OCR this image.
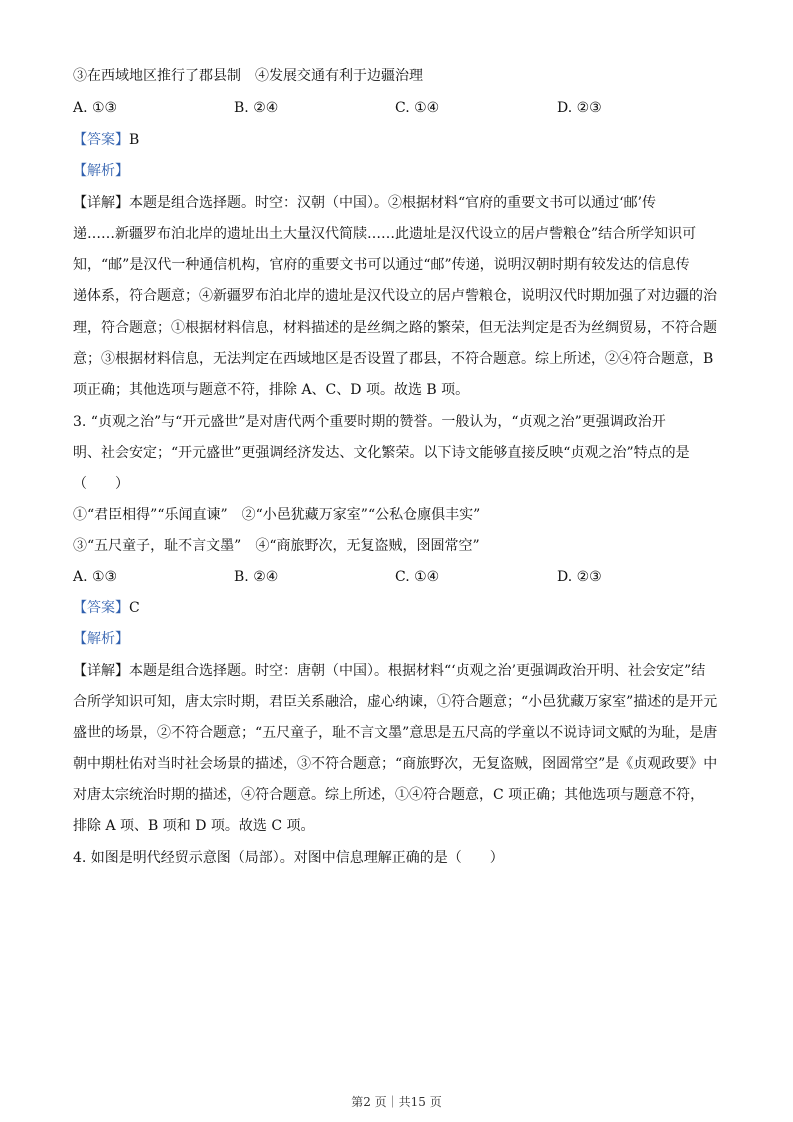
③在西域地区推行了郡县制　④发展交通有利于边疆治理
A. ①③	B. ②④	C. ①④	D. ②③
【答案】B
【解析】
【详解】本题是组合选择题。时空：汉朝（中国）。②根据材料“官府的重要文书可以通过‘邮’传
递……新疆罗布泊北岸的遗址出土大量汉代简牍……此遗址是汉代设立的居卢訾粮仓”结合所学知识可
知，“邮”是汉代一种通信机构，官府的重要文书可以通过“邮”传递，说明汉朝时期有较发达的信息传
递体系，符合题意；④新疆罗布泊北岸的遗址是汉代设立的居卢訾粮仓，说明汉代时期加强了对边疆的治
理，符合题意；①根据材料信息，材料描述的是丝绸之路的繁荣，但无法判定是否为丝绸贸易，不符合题
意；③根据材料信息，无法判定在西域地区是否设置了郡县，不符合题意。综上所述，②④符合题意，B
项正确；其他选项与题意不符，排除 A、C、D 项。故选 B 项。
3. “贞观之治”与“开元盛世”是对唐代两个重要时期的赞誉。一般认为，“贞观之治”更强调政治开
明、社会安定；“开元盛世”更强调经济发达、文化繁荣。以下诗文能够直接反映“贞观之治”特点的是
（　　）
①“君臣相得”“乐闻直谏”　②“小邑犹藏万家室”“公私仓廪俱丰实”
③“五尺童子，耻不言文墨”　④“商旅野次，无复盗贼，囹圄常空”
A. ①③	B. ②④	C. ①④	D. ②③
【答案】C
【解析】
【详解】本题是组合选择题。时空：唐朝（中国）。根据材料“‘贞观之治’更强调政治开明、社会安定”结
合所学知识可知，唐太宗时期，君臣关系融洽，虚心纳谏，①符合题意；“小邑犹藏万家室”描述的是开元
盛世的场景，②不符合题意；“五尺童子，耻不言文墨”意思是五尺高的学童以不说诗词文赋的为耻，是唐
朝中期杜佑对当时社会场景的描述，③不符合题意；“商旅野次，无复盗贼，囹圄常空”是《贞观政要》中
对唐太宗统治时期的描述，④符合题意。综上所述，①④符合题意，C 项正确；其他选项与题意不符，
排除 A 项、B 项和 D 项。故选 C 项。
4. 如图是明代经贸示意图（局部）。对图中信息理解正确的是（　　）
第2 页｜共15 页
